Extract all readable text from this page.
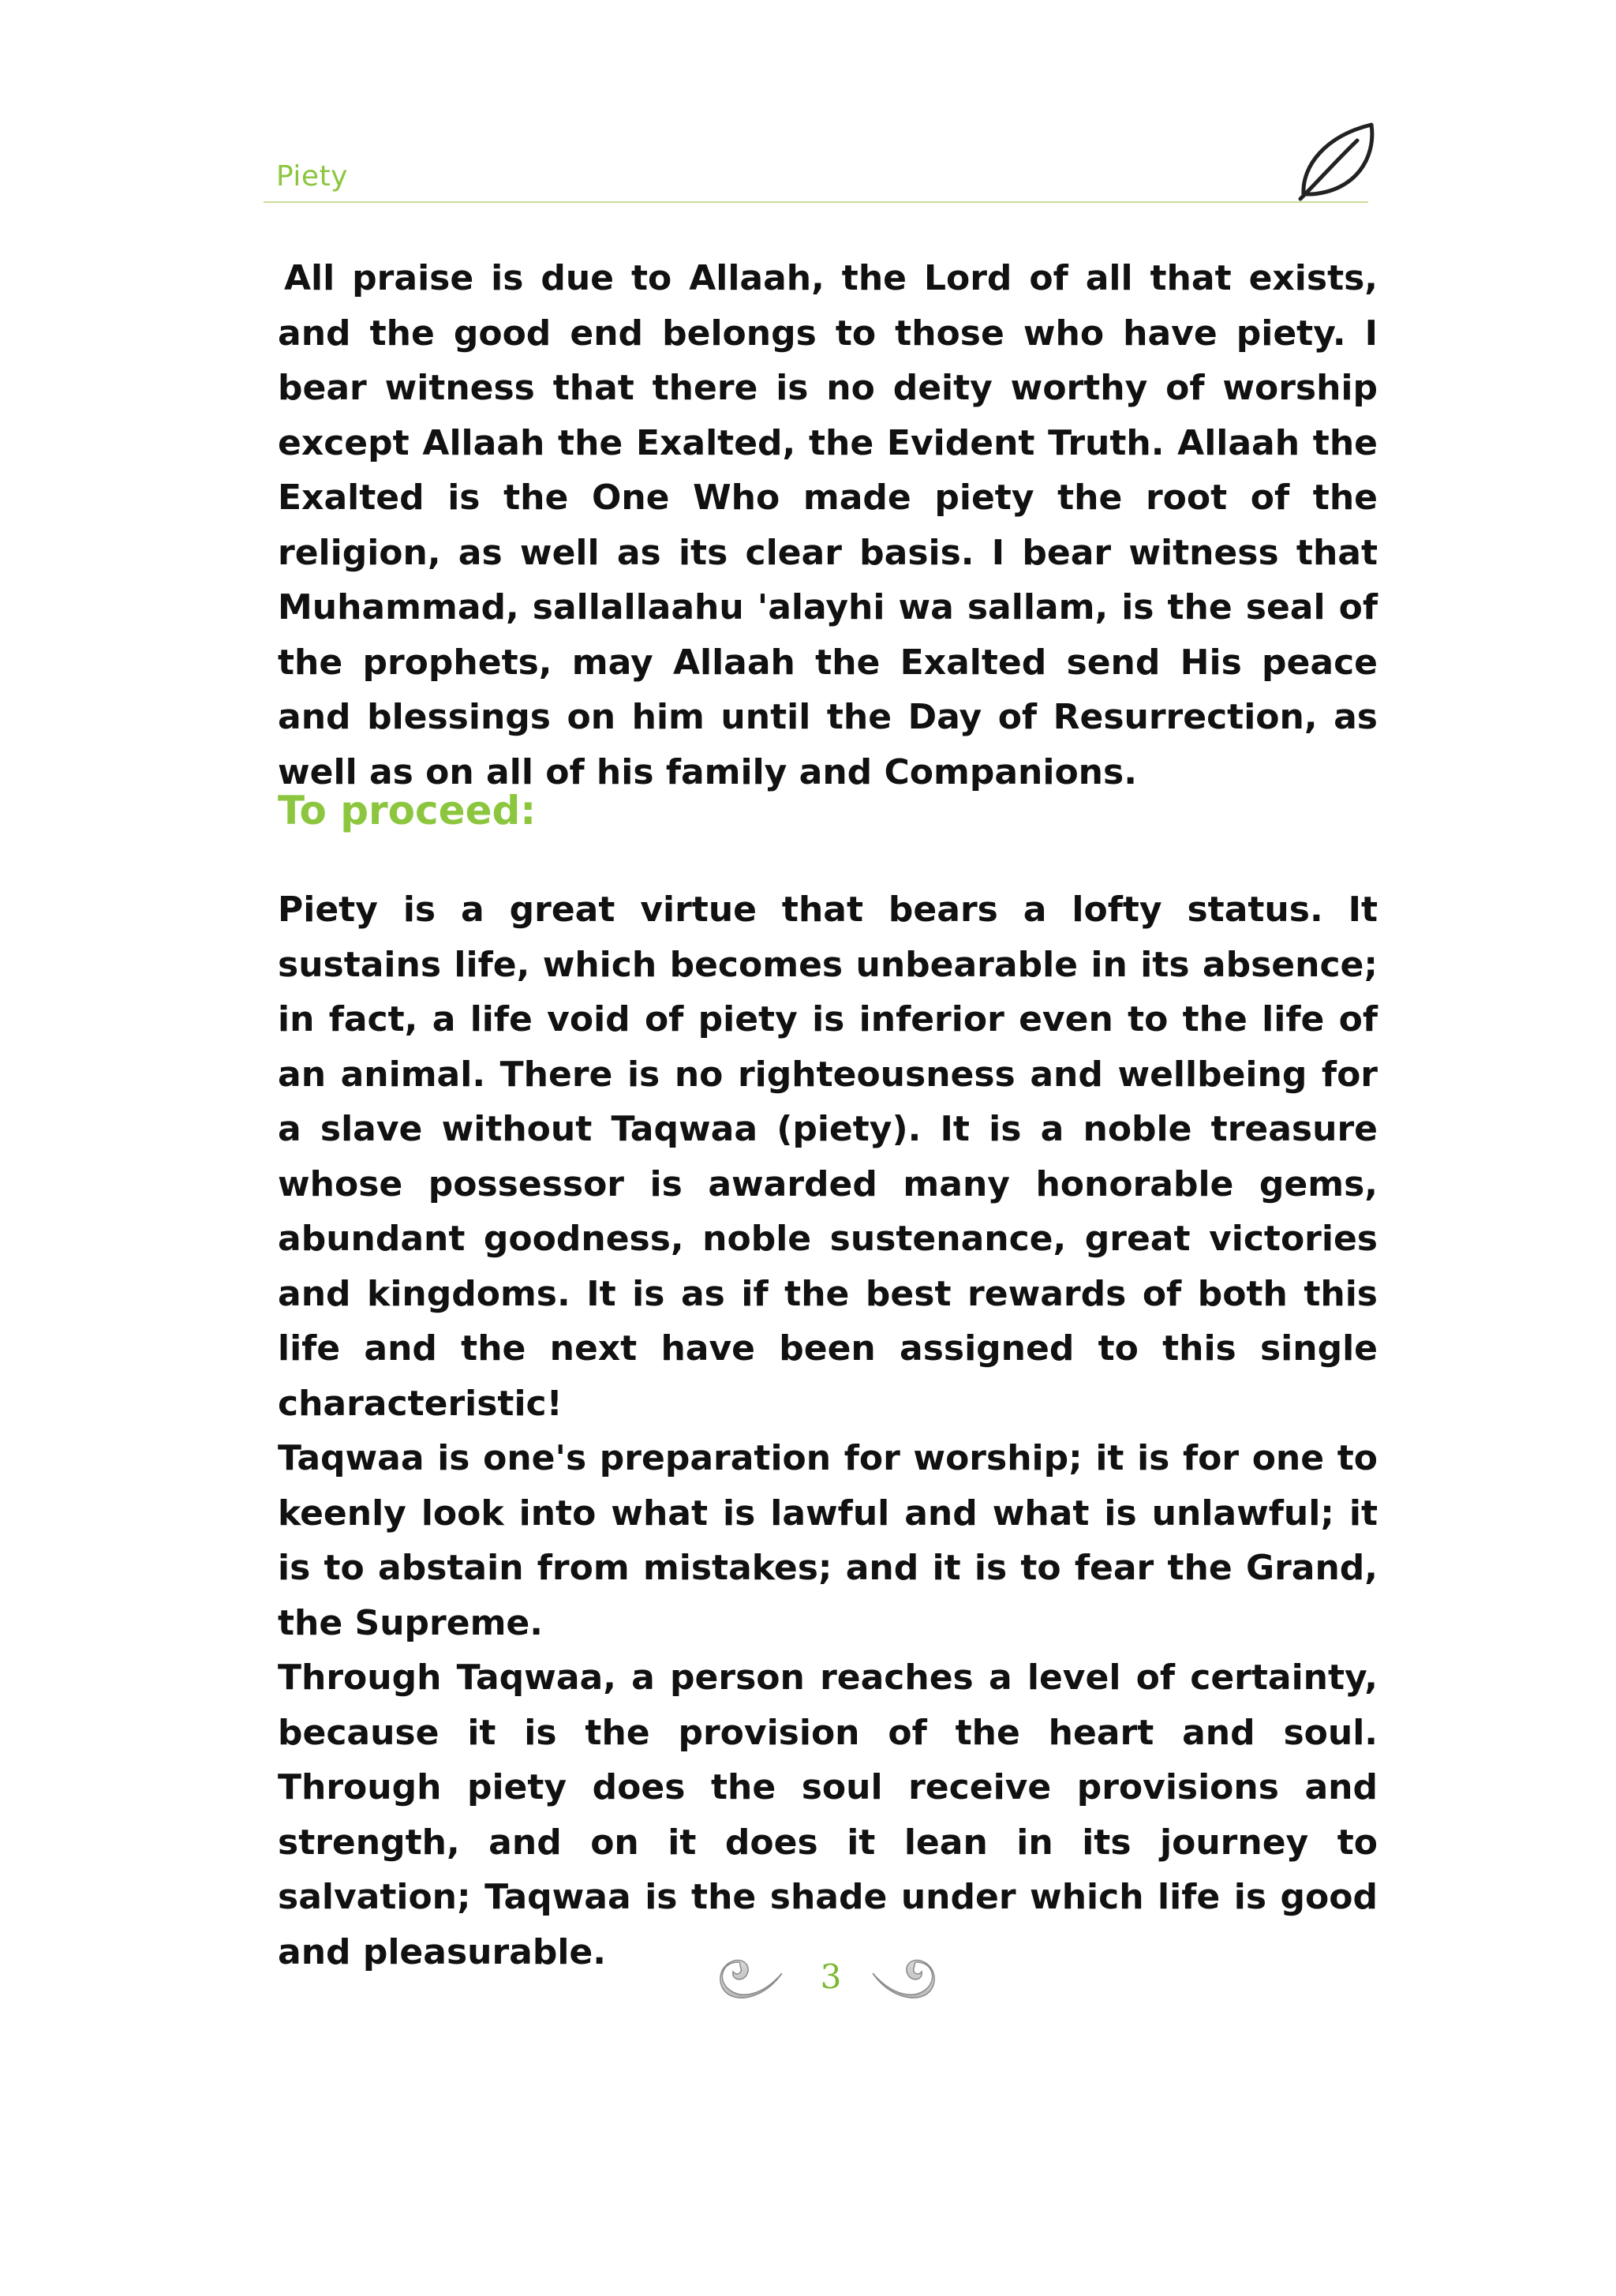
Piety

All praise is due to Allaah, the Lord of all that exists, and the good end belongs to those who have piety. I bear witness that there is no deity worthy of worship except Allaah the Exalted, the Evident Truth. Allaah the Exalted is the One Who made piety the root of the religion, as well as its clear basis. I bear witness that Muhammad, sallallaahu 'alayhi wa sallam, is the seal of the prophets, may Allaah the Exalted send His peace and blessings on him until the Day of Resurrection, as well as on all of his family and Companions.

To proceed:

Piety is a great virtue that bears a lofty status. It sustains life, which becomes unbearable in its absence; in fact, a life void of piety is inferior even to the life of an animal. There is no righteousness and wellbeing for a slave without Taqwaa (piety). It is a noble treasure whose possessor is awarded many honorable gems, abundant goodness, noble sustenance, great victories and kingdoms. It is as if the best rewards of both this life and the next have been assigned to this single characteristic!

Taqwaa is one's preparation for worship; it is for one to keenly look into what is lawful and what is unlawful; it is to abstain from mistakes; and it is to fear the Grand, the Supreme.

Through Taqwaa, a person reaches a level of certainty, because it is the provision of the heart and soul. Through piety does the soul receive provisions and strength, and on it does it lean in its journey to salvation; Taqwaa is the shade under which life is good and pleasurable.

3
